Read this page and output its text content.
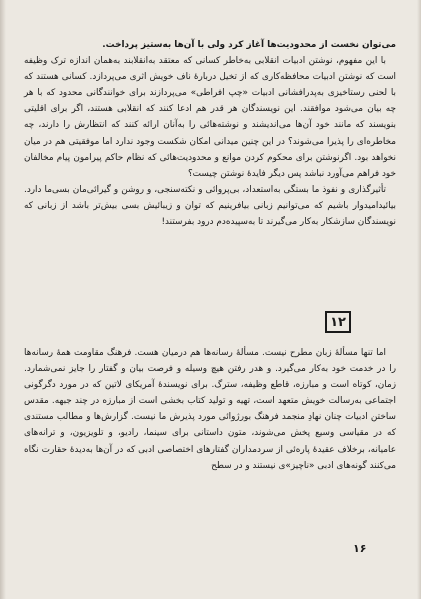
می‌توان نخست از محدودیت‌ها آغاز کرد ولی با آن‌ها به‌ستیز پرداخت.

با این مفهوم، نوشتن ادبیات انقلابی به‌خاطر کسانی که معتقد به‌انقلابند به‌همان اندازه ترک وظیفه است که نوشتن ادبیات محافظه‌کاری که از تخیل دربارهٔ ناف خویش اثری می‌پردازد. کسانی هستند که با لحنی رستاخیزی به‌پدرافشانی ادبیات «چپ افراطی» می‌پردازند برای خوانندگانی محدود که با هر چه بیان می‌شود موافقند. این نویسندگان هر قدر هم ادعا کنند که انقلابی هستند، اگر برای اقلیتی بنویسند که مانند خود آن‌ها می‌اندیشند و نوشته‌هائی را به‌آنان ارائه کنند که انتظارش را دارند، چه مخاطره‌ای را پذیرا می‌شوند؟ در این چنین میدانی امکان شکست وجود ندارد اما موفقیتی هم در میان نخواهد بود. اگرنوشتن برای محکوم کردن موانع و محدودیت‌هائی که نظام حاکم پیرامون پیام مخالفان خود فراهم می‌آورد نباشد پس دیگر فایدهٔ نوشتن چیست؟

تأثیرگذاری و نفوذ ما بستگی به‌استعداد، بی‌پروائی و نکته‌سنجی، و روشن و گیرائی‌مان بسی‌ما دارد. بیائیدامیدوار باشیم که می‌توانیم زبانی بیافرینیم که توان و زیبائیش بسی بیش‌تر باشد از زبانی که نویسندگان سازشکار به‌کار می‌گیرند تا به‌سپیده‌دم درود بفرستند!

۱۲

اما تنها مسألهٔ زبان مطرح نیست. مسألهٔ رسانه‌ها هم درمیان هست. فرهنگ مقاومت همهٔ رسانه‌ها را در خدمت خود به‌کار می‌گیرد. و هدر رفتن هیچ وسیله و فرصت بیان و گفتار را جایز نمی‌شمارد. زمان، کوتاه است و مبارزه، قاطع وظیفه، سترگ. برای نویسندهٔ آمریکای لاتین که در مورد دگرگونی اجتماعی به‌رسالت خویش متعهد است، تهیه و تولید کتاب بخشی است از مبارزه در چند جبهه. مقدس ساختن ادبیات چنان نهادِ منجمد فرهنگ بورژوائی مورد پذیرش ما نیست. گزارش‌ها و مطالب مستندی که در مقیاسی وسیع پخش می‌شوند، متون داستانی برای سینما، رادیو، و تلویزیون، و ترانه‌های عامیانه، برخلاف عقیدهٔ پاره‌ئی از سردمداران گفتارهای اختصاصی ادبی که در آن‌ها به‌دیدهٔ حقارت نگاه می‌کنند گونه‌های ادبی «ناچیز»ی نیستند و در سطح

۱۶
